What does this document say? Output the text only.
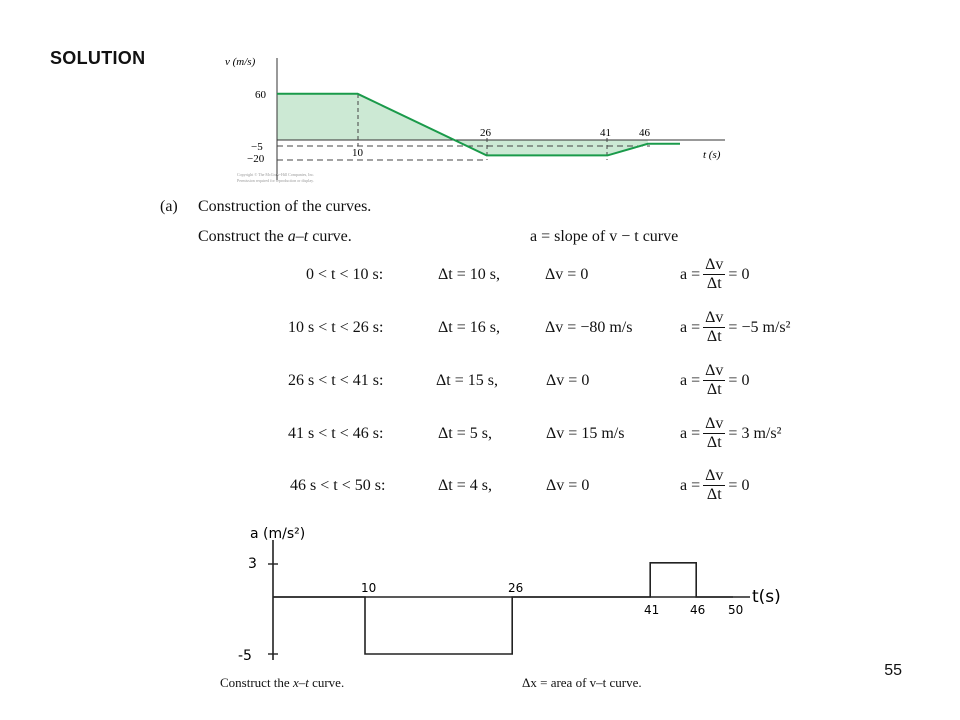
SOLUTION
55
v (m/s)
60
−5
−20	10
26	41	46
t (s)
Copyright © The McGraw-Hill Companies, Inc.
Permission required for reproduction or display.
(a) Construction of the curves.
Construct the a–t curve.	a = slope of v − t curve
0 < t < 10 s:	Δt = 10 s,	Δv = 0	$a = \frac{\Delta v}{\Delta t} = 0$
10 s < t < 26 s:	Δt = 16 s,	Δv = −80 m/s	$a = \frac{\Delta v}{\Delta t} = -5$ m/s²
26 s < t < 41 s:	Δt = 15 s,	Δv = 0	$a = \frac{\Delta v}{\Delta t} = 0$
41 s < t < 46 s:	Δt = 5 s,	Δv = 15 m/s	$a = \frac{\Delta v}{\Delta t} = 3$ m/s²
46 s < t < 50 s:	Δt = 4 s,	Δv = 0	$a = \frac{\Delta v}{\Delta t} = 0$
a (m/s²)
3
-5
10	26
41	46 50
t(s)
Construct the x–t curve.	Δx = area of v–t curve.
